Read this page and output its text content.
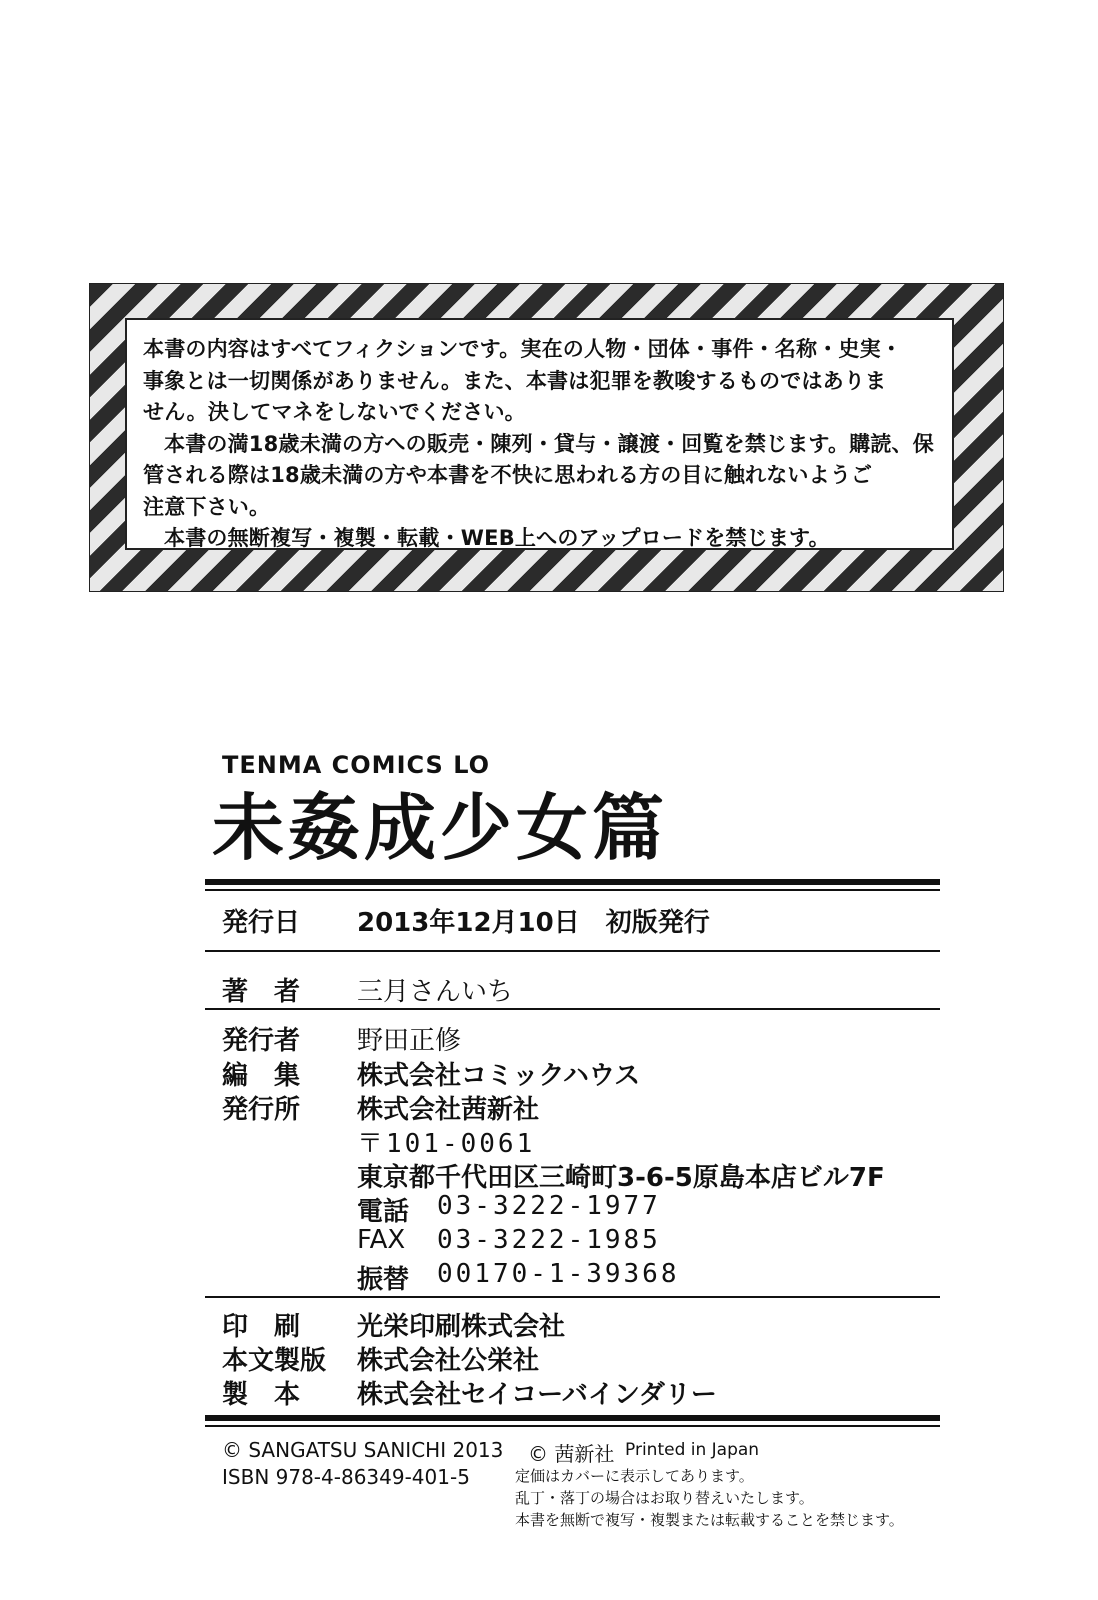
本書の内容はすべてフィクションです。実在の人物・団体・事件・名称・史実・
事象とは一切関係がありません。また、本書は犯罪を教唆するものではありま
せん。決してマネをしないでください。
本書の満18歳未満の方への販売・陳列・貸与・譲渡・回覧を禁じます。購読、保
管される際は18歳未満の方や本書を不快に思われる方の目に触れないようご
注意下さい。
本書の無断複写・複製・転載・WEB上へのアップロードを禁じます。
TENMA COMICS LO
未姦成少女篇
発行日 2013年12月10日　初版発行
著者 三月さんいち
発行者 野田正修
編集 株式会社コミックハウス
発行所 株式会社茜新社
〒101-0061
東京都千代田区三崎町3-6-5原島本店ビル7F
電話 03-3222-1977
FAX 03-3222-1985
振替 00170-1-39368
印刷 光栄印刷株式会社
本文製版 株式会社公栄社
製本 株式会社セイコーバインダリー
© SANGATSU SANICHI 2013 © 茜新社 Printed in Japan
ISBN 978-4-86349-401-5	定価はカバーに表示してあります。
乱丁・落丁の場合はお取り替えいたします。
本書を無断で複写・複製または転載することを禁じます。
